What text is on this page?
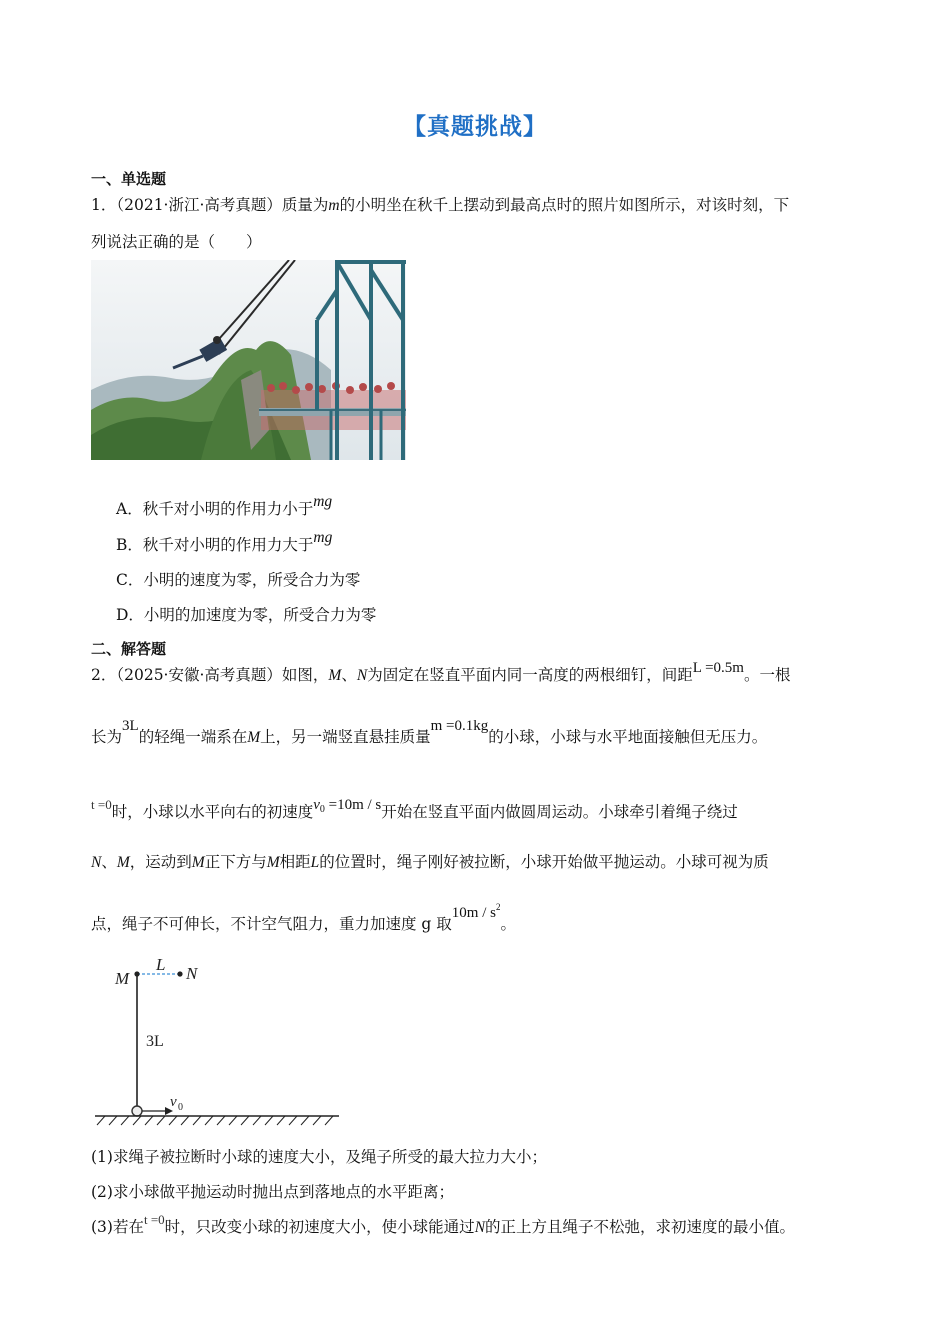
【真题挑战】
一、单选题
1．（2021·浙江·高考真题）质量为m的小明坐在秋千上摆动到最高点时的照片如图所示，对该时刻，下
列说法正确的是（　　）
A．秋千对小明的作用力小于mg
B．秋千对小明的作用力大于mg
C．小明的速度为零，所受合力为零
D．小明的加速度为零，所受合力为零
二、解答题
2．（2025·安徽·高考真题）如图，M、N为固定在竖直平面内同一高度的两根细钉，间距L =0.5m。一根
长为3L的轻绳一端系在M上，另一端竖直悬挂质量m =0.1kg的小球，小球与水平地面接触但无压力。
$^{t =0}$时，小球以水平向右的初速度$v_0 =10m / s$开始在竖直平面内做圆周运动。小球牵引着绳子绕过
N、M，运动到M正下方与M相距L的位置时，绳子刚好被拉断，小球开始做平抛运动。小球可视为质
点，绳子不可伸长，不计空气阻力，重力加速度 g 取$10m / s^2$。
M	N
L
3L
v 0
(1)求绳子被拉断时小球的速度大小，及绳子所受的最大拉力大小；
(2)求小球做平抛运动时抛出点到落地点的水平距离；
(3)若在$^{t =0}$时，只改变小球的初速度大小，使小球能通过N的正上方且绳子不松弛，求初速度的最小值。
